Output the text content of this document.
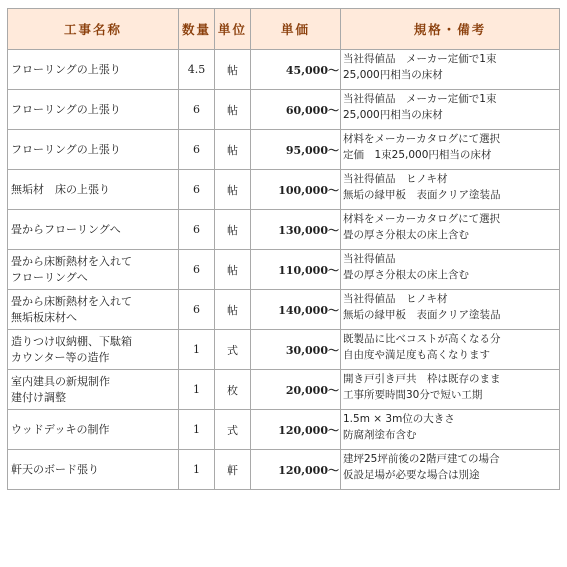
工事名称	数量	単位	単価	規格・備考

フローリングの上張り	4.5	帖	45,000～	当社得値品　メーカー定価で1束
25,000円相当の床材

フローリングの上張り	6	帖	60,000～	当社得値品　メーカー定価で1束
25,000円相当の床材

フローリングの上張り	6	帖	95,000～	材料をメーカーカタログにて選択
定価　1束25,000円相当の床材

無垢材　床の上張り	6	帖	100,000～	当社得値品　ヒノキ材
無垢の縁甲板　表面クリア塗装品

畳からフローリングへ	6	帖	130,000～	材料をメーカーカタログにて選択
畳の厚さ分根太の床上含む

畳から床断熱材を入れて
フローリングへ	6	帖	110,000～	当社得値品
畳の厚さ分根太の床上含む

畳から床断熱材を入れて
無垢板床材へ	6	帖	140,000～	当社得値品　ヒノキ材
無垢の縁甲板　表面クリア塗装品

造りつけ収納棚、下駄箱
カウンター等の造作	1	式	30,000～	既製品に比べコストが高くなる分
自由度や満足度も高くなります

室内建具の新規制作
建付け調整	1	枚	20,000～	開き戸引き戸共　枠は既存のまま
工事所要時間30分で短い工期

ウッドデッキの制作	1	式	120,000～	1.5m × 3m位の大きさ
防腐剤塗布含む

軒天のボード張り	1	軒	120,000～	建坪25坪前後の2階戸建ての場合
仮設足場が必要な場合は別途
